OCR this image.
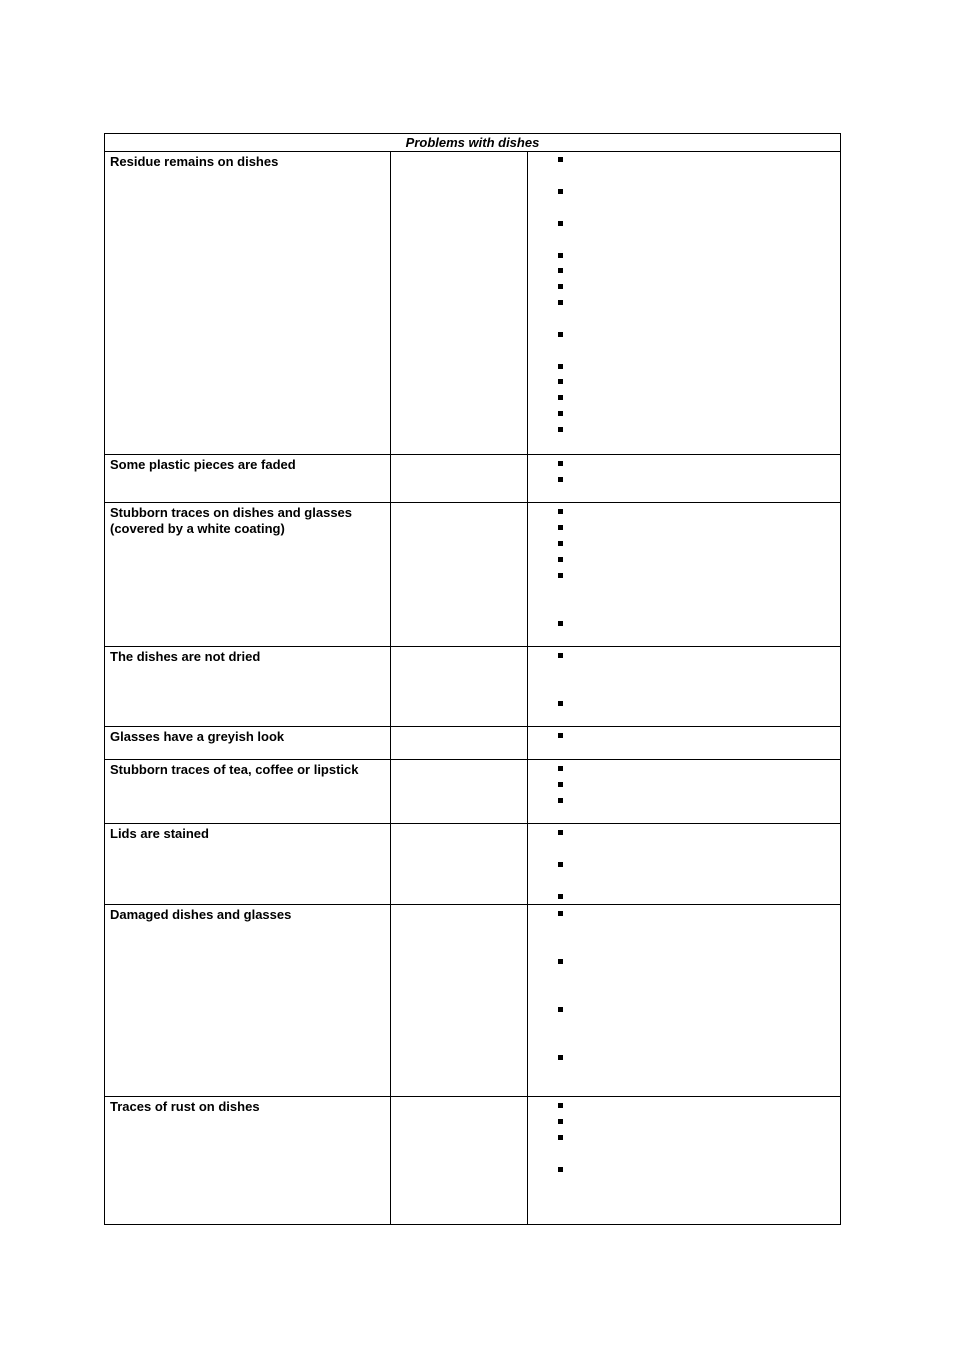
Problems with dishes
Residue remains on dishes
Some plastic pieces are faded
Stubborn traces on dishes and glasses
(covered by a white coating)
The dishes are not dried
Glasses have a greyish look
Stubborn traces of tea, coffee or lipstick
Lids are stained
Damaged dishes and glasses
Traces of rust on dishes
